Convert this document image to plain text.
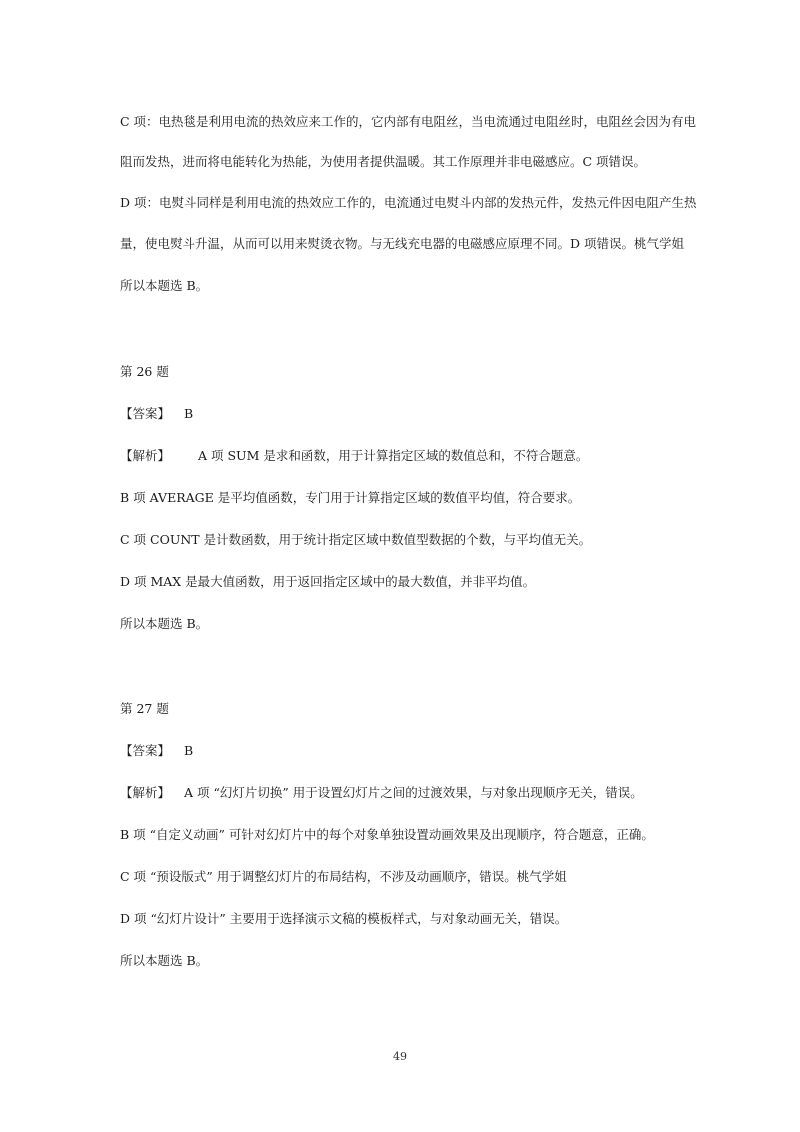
C 项：电热毯是利用电流的热效应来工作的，它内部有电阻丝，当电流通过电阻丝时，电阻丝会因为有电
阻而发热，进而将电能转化为热能，为使用者提供温暖。其工作原理并非电磁感应。C 项错误。
D 项：电熨斗同样是利用电流的热效应工作的，电流通过电熨斗内部的发热元件，发热元件因电阻产生热
量，使电熨斗升温，从而可以用来熨烫衣物。与无线充电器的电磁感应原理不同。D 项错误。桃气学姐
所以本题选 B。
第 26 题
【答案】 B
【解析】 A 项 SUM 是求和函数，用于计算指定区域的数值总和，不符合题意。
B 项 AVERAGE 是平均值函数，专门用于计算指定区域的数值平均值，符合要求。
C 项 COUNT 是计数函数，用于统计指定区域中数值型数据的个数，与平均值无关。
D 项 MAX 是最大值函数，用于返回指定区域中的最大数值，并非平均值。
所以本题选 B。
第 27 题
【答案】 B
【解析】 A 项 “幻灯片切换” 用于设置幻灯片之间的过渡效果，与对象出现顺序无关，错误。
B 项 “自定义动画” 可针对幻灯片中的每个对象单独设置动画效果及出现顺序，符合题意，正确。
C 项 “预设版式” 用于调整幻灯片的布局结构，不涉及动画顺序，错误。桃气学姐
D 项 “幻灯片设计” 主要用于选择演示文稿的模板样式，与对象动画无关，错误。
所以本题选 B。
49
